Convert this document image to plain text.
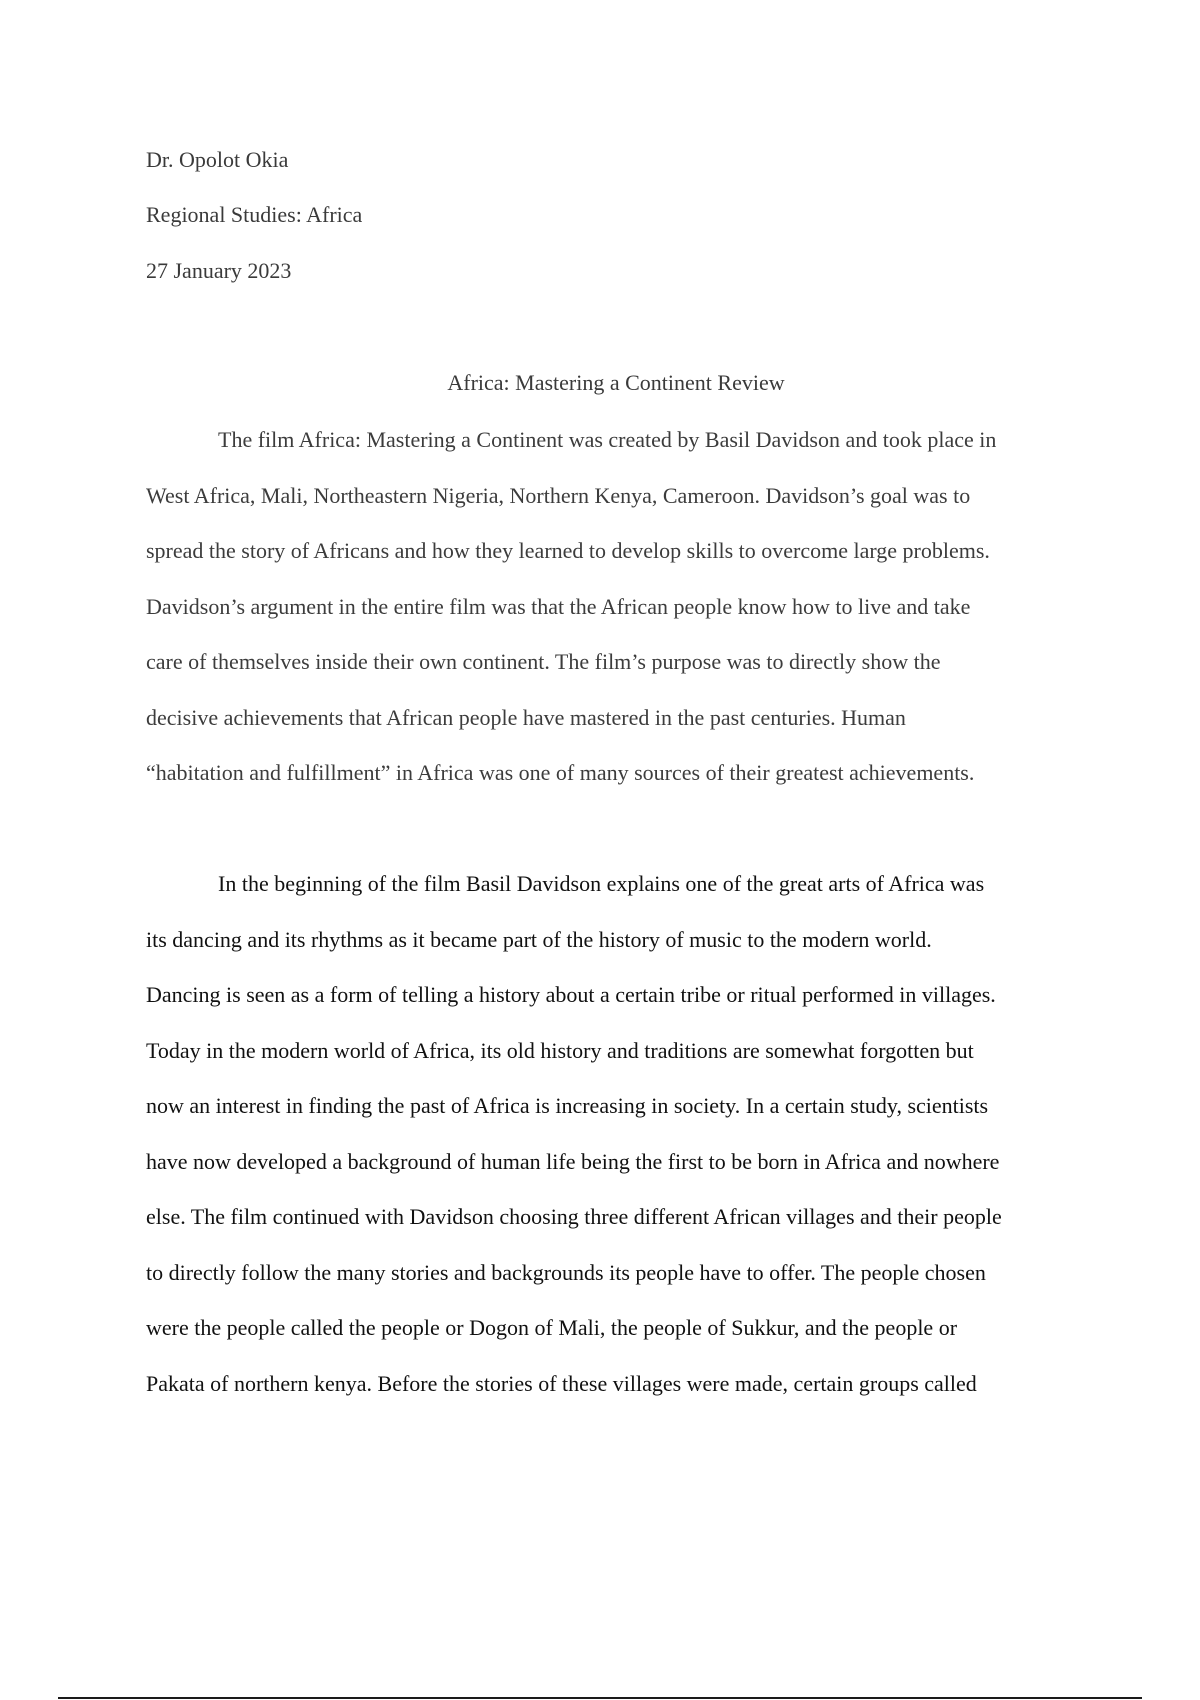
Dr. Opolot Okia
Regional Studies: Africa
27 January 2023
Africa: Mastering a Continent Review
The film Africa: Mastering a Continent was created by Basil Davidson and took place in
West Africa, Mali, Northeastern Nigeria, Northern Kenya, Cameroon. Davidson’s goal was to
spread the story of Africans and how they learned to develop skills to overcome large problems.
Davidson’s argument in the entire film was that the African people know how to live and take
care of themselves inside their own continent. The film’s purpose was to directly show the
decisive achievements that African people have mastered in the past centuries. Human
“habitation and fulfillment” in Africa was one of many sources of their greatest achievements.
In the beginning of the film Basil Davidson explains one of the great arts of Africa was
its dancing and its rhythms as it became part of the history of music to the modern world.
Dancing is seen as a form of telling a history about a certain tribe or ritual performed in villages.
Today in the modern world of Africa, its old history and traditions are somewhat forgotten but
now an interest in finding the past of Africa is increasing in society. In a certain study, scientists
have now developed a background of human life being the first to be born in Africa and nowhere
else. The film continued with Davidson choosing three different African villages and their people
to directly follow the many stories and backgrounds its people have to offer. The people chosen
were the people called the people or Dogon of Mali, the people of Sukkur, and the people or
Pakata of northern kenya. Before the stories of these villages were made, certain groups called
